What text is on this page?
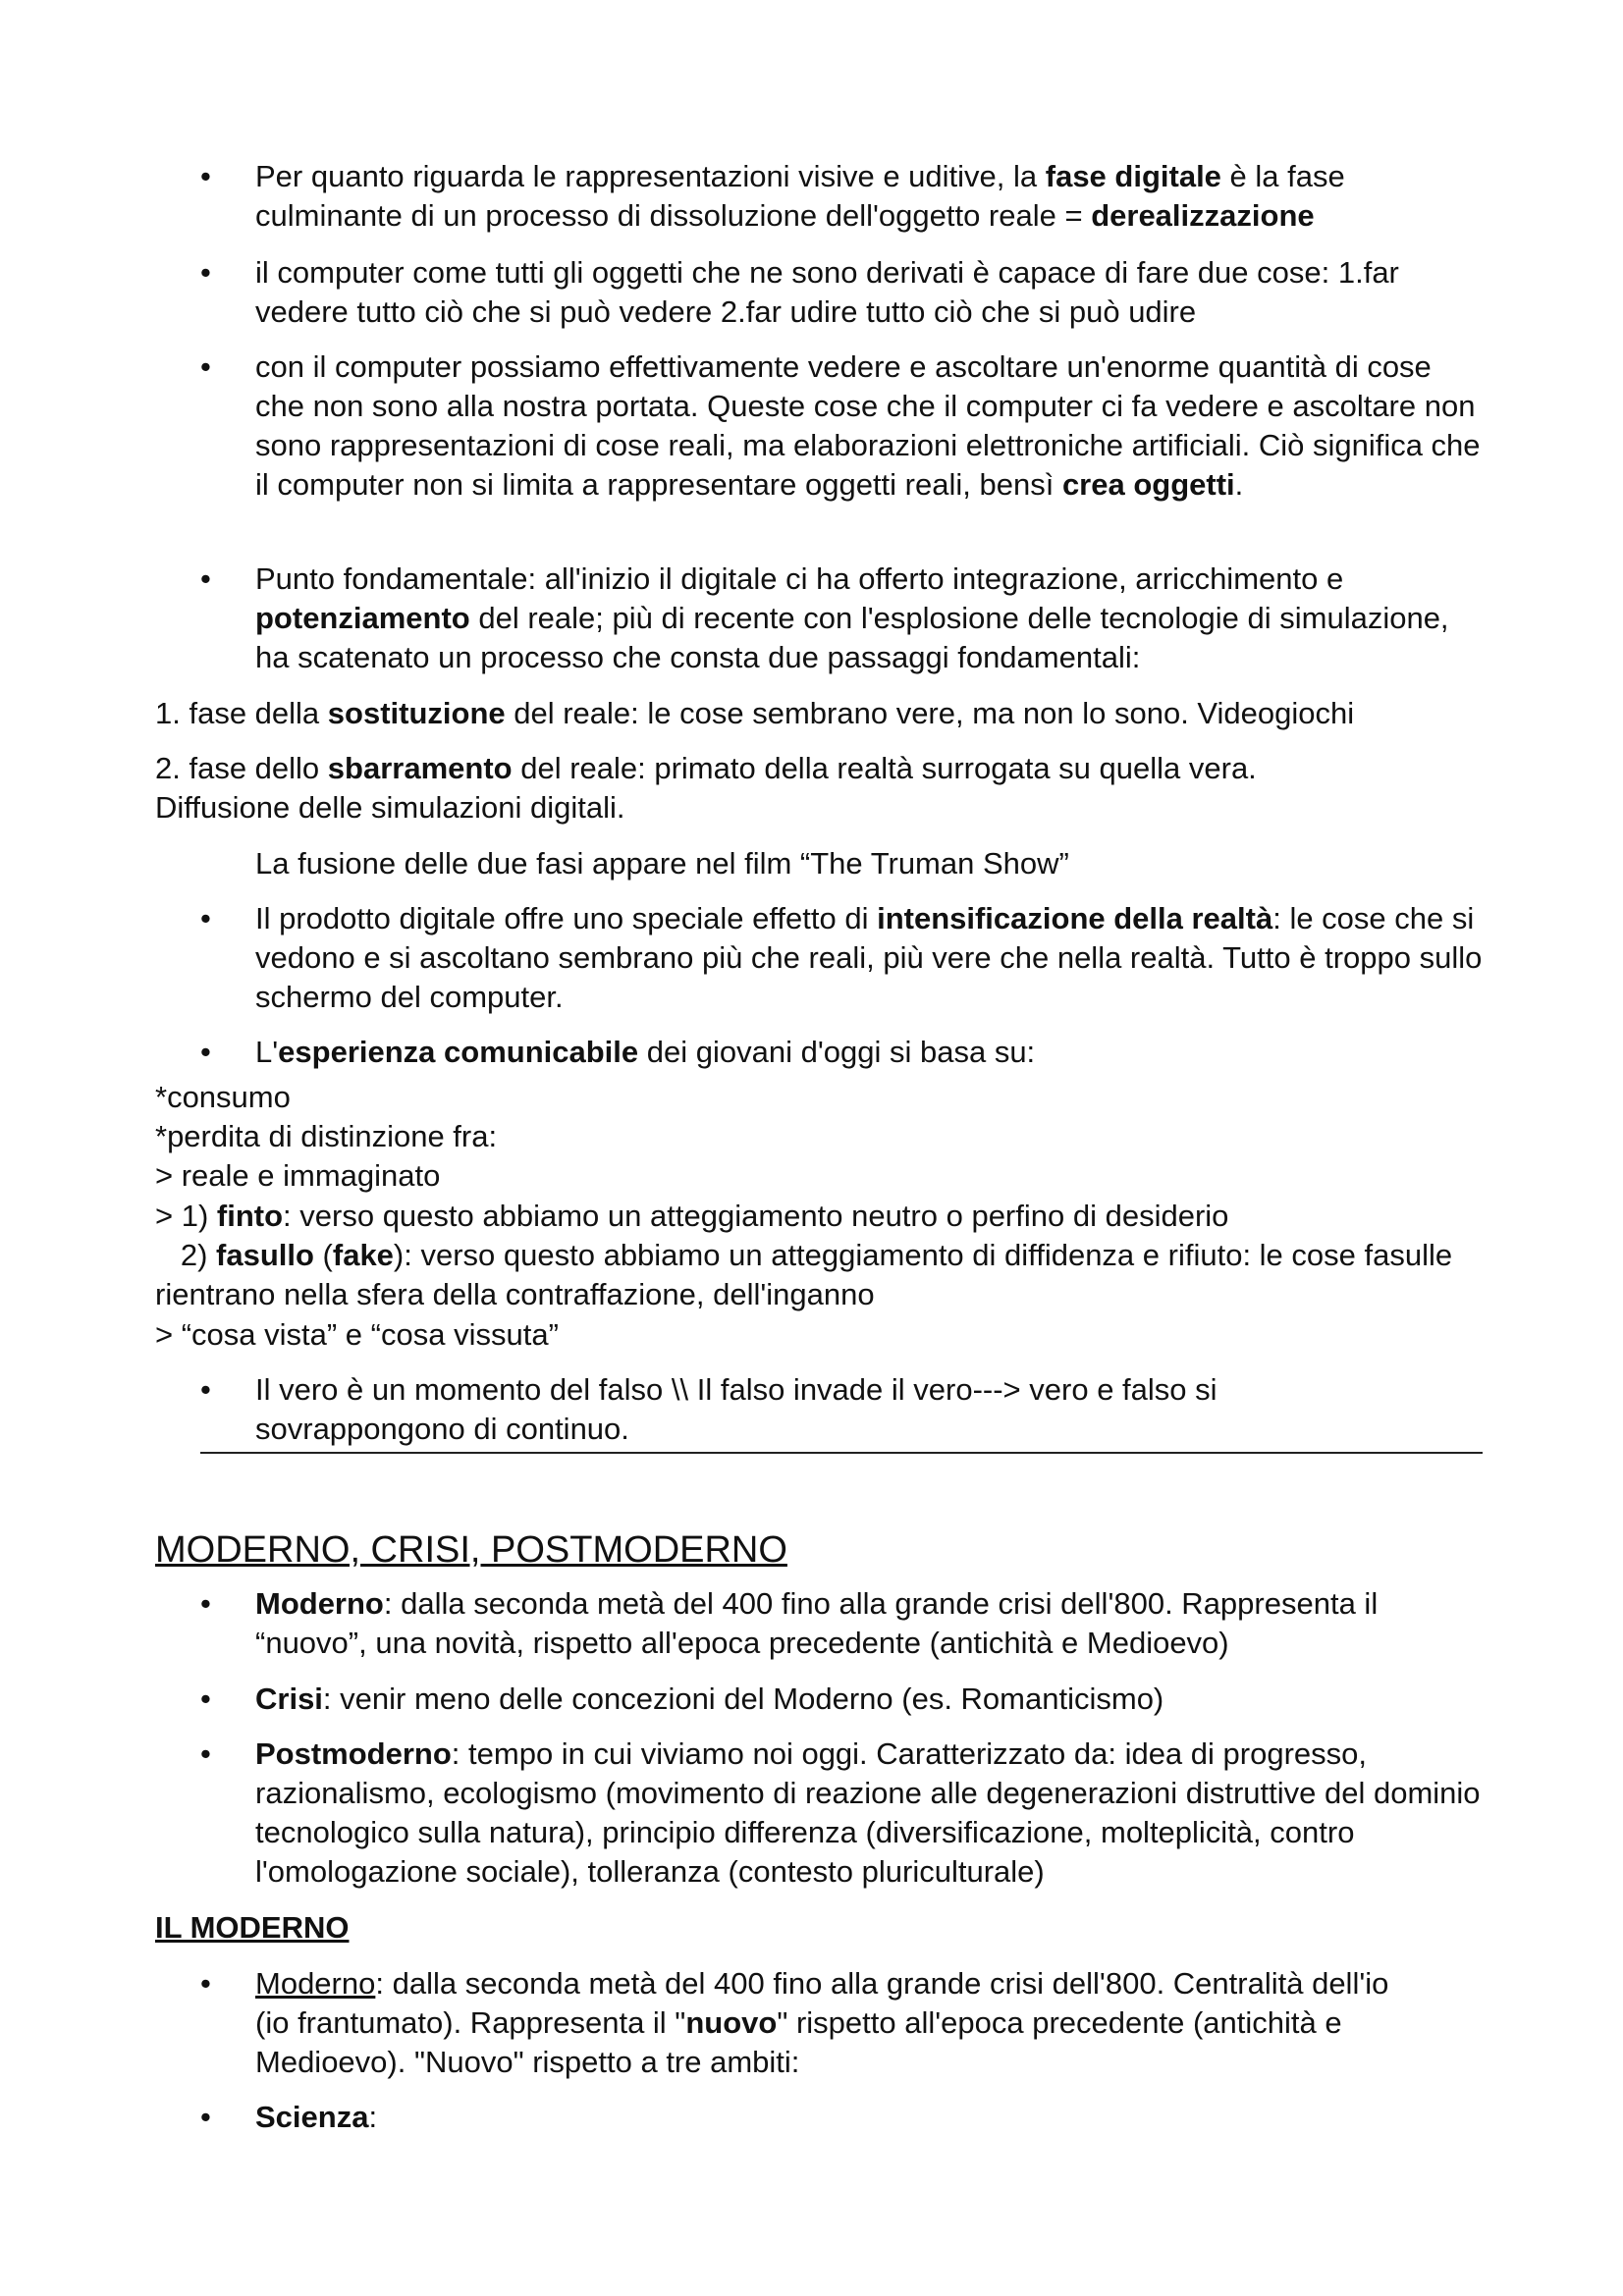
•	Per quanto riguarda le rappresentazioni visive e uditive, la fase digitale è la fase culminante di un processo di dissoluzione dell'oggetto reale = derealizzazione

•	il computer come tutti gli oggetti che ne sono derivati è capace di fare due cose: 1.far vedere tutto ciò che si può vedere 2.far udire tutto ciò che si può udire

•	con il computer possiamo effettivamente vedere e ascoltare un'enorme quantità di cose che non sono alla nostra portata. Queste cose che il computer ci fa vedere e ascoltare non sono rappresentazioni di cose reali, ma elaborazioni elettroniche artificiali. Ciò significa che il computer non si limita a rappresentare oggetti reali, bensì crea oggetti.

•	Punto fondamentale: all'inizio il digitale ci ha offerto integrazione, arricchimento e potenziamento del reale; più di recente con l'esplosione delle tecnologie di simulazione, ha scatenato un processo che consta due passaggi fondamentali:

1. fase della sostituzione del reale: le cose sembrano vere, ma non lo sono. Videogiochi

2. fase dello sbarramento del reale: primato della realtà surrogata su quella vera. Diffusione delle simulazioni digitali.

La fusione delle due fasi appare nel film “The Truman Show”

•	Il prodotto digitale offre uno speciale effetto di intensificazione della realtà: le cose che si vedono e si ascoltano sembrano più che reali, più vere che nella realtà. Tutto è troppo sullo schermo del computer.

•	L'esperienza comunicabile dei giovani d'oggi si basa su:

*consumo

*perdita di distinzione fra:

> reale e immaginato

> 1) finto: verso questo abbiamo un atteggiamento neutro o perfino di desiderio

2) fasullo (fake): verso questo abbiamo un atteggiamento di diffidenza e rifiuto: le cose fasulle rientrano nella sfera della contraffazione, dell'inganno

> “cosa vista” e “cosa vissuta”

•	Il vero è un momento del falso \\ Il falso invade il vero---> vero e falso si sovrappongono di continuo.

MODERNO, CRISI, POSTMODERNO
•	Moderno: dalla seconda metà del 400 fino alla grande crisi dell'800. Rappresenta il “nuovo”, una novità, rispetto all'epoca precedente (antichità e Medioevo)

•	Crisi: venir meno delle concezioni del Moderno (es. Romanticismo)

•	Postmoderno: tempo in cui viviamo noi oggi. Caratterizzato da: idea di progresso, razionalismo, ecologismo (movimento di reazione alle degenerazioni distruttive del dominio tecnologico sulla natura), principio differenza (diversificazione, molteplicità, contro l'omologazione sociale), tolleranza (contesto pluriculturale)

IL MODERNO
•	Moderno: dalla seconda metà del 400 fino alla grande crisi dell'800. Centralità dell'io (io frantumato). Rappresenta il "nuovo" rispetto all'epoca precedente (antichità e Medioevo). "Nuovo" rispetto a tre ambiti:

•	Scienza:
